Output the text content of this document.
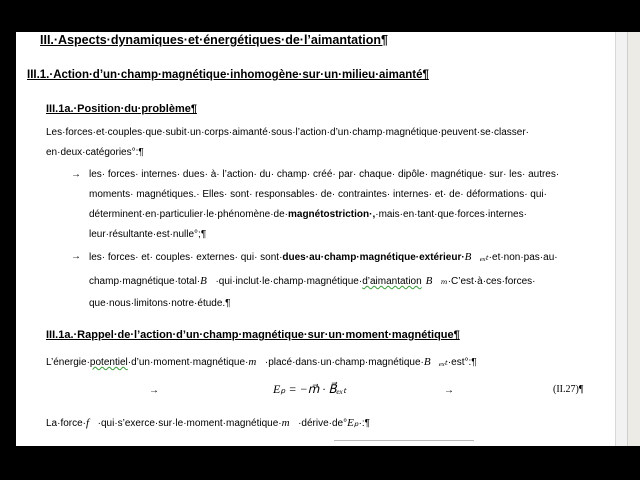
III.·Aspects·dynamiques·et·énergétiques·de·l’aimantation¶
III.1.·Action·d’un·champ·magnétique·inhomogène·sur·un·milieu·aimanté¶
III.1a.·Position·du·problème¶
Les·forces·et·couples·que·subit·un·corps·aimanté·sous·l’action·d’un·champ·magnétique·peuvent·se·classer·
en·deux·catégories°:¶
→ les· forces· internes· dues· à· l’action· du· champ· créé· par· chaque· dipôle· magnétique· sur· les· autres·
moments· magnétiques.· Elles· sont· responsables· de· contraintes· internes· et· de· déformations· qui·
déterminent·en·particulier·le·phénomène·de·magnétostriction·,·mais·en·tant·que·forces·internes·
leur·résultante·est·nulle°;¶
→ les· forces· et· couples· externes· qui· sont·dues·au·champ·magnétique·extérieur·B⃗ₑₓₜ·et·non·pas·au·
champ·magnétique·total·B⃗·qui·inclut·le·champ·magnétique·d’aimantation B⃗ₘ·C’est·à·ces·forces·
que·nous·limitons·notre·étude.¶
III.1a.·Rappel·de·l’action·d’un·champ·magnétique·sur·un·moment·magnétique¶
L’énergie·potentiel·d’un·moment·magnétique·m⃗·placé·dans·un·champ·magnétique·B⃗ₑₓₜ·est°:¶
→	Eₚ = −m⃗ · B⃗ₑₓₜ	→	(II.27)¶
La·force·f⃗·qui·s’exerce·sur·le·moment·magnétique·m⃗·dérive·de°Eₚ·:¶
